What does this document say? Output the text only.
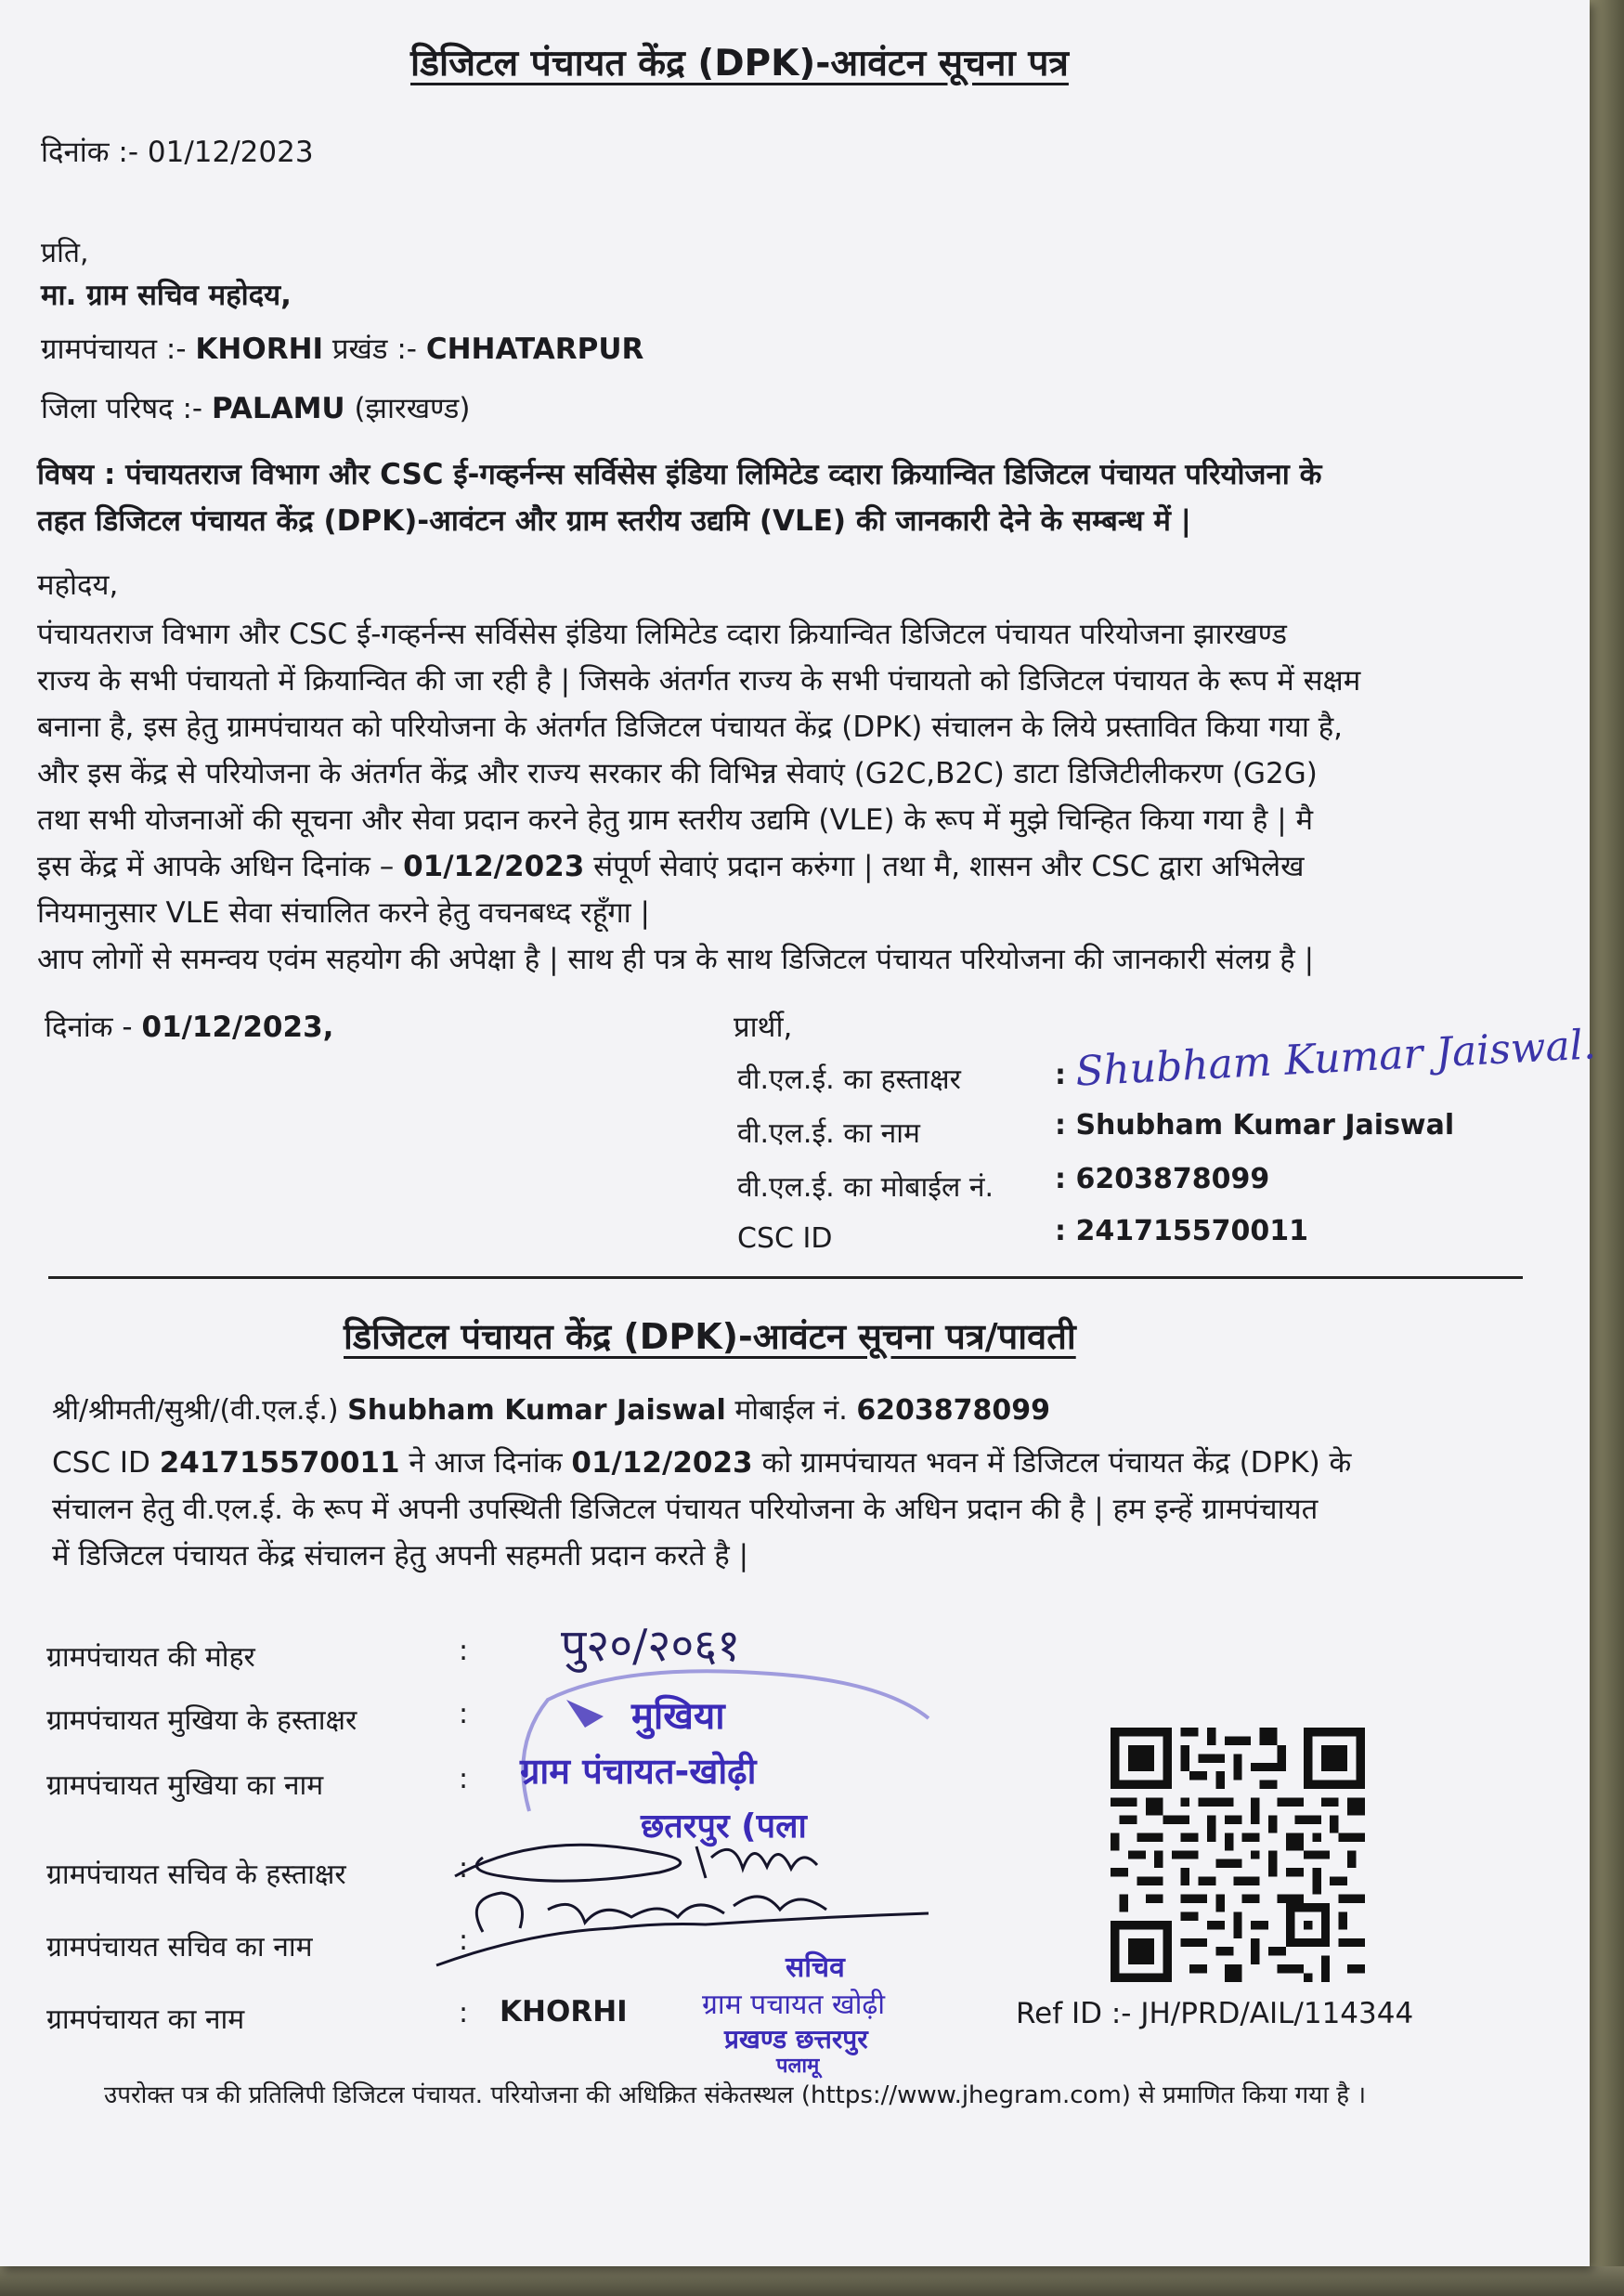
डिजिटल पंचायत केंद्र (DPK)-आवंटन सूचना पत्र
दिनांक :- 01/12/2023
प्रति,
मा. ग्राम सचिव महोदय,
ग्रामपंचायत :- KHORHI प्रखंड :- CHHATARPUR
जिला परिषद :- PALAMU (झारखण्ड)
विषय : पंचायतराज विभाग और CSC ई-गव्हर्नन्स सर्विसेस इंडिया लिमिटेड व्दारा क्रियान्वित डिजिटल पंचायत परियोजना के
तहत डिजिटल पंचायत केंद्र (DPK)-आवंटन और ग्राम स्तरीय उद्यमि (VLE) की जानकारी देने के सम्बन्ध में |
महोदय,
पंचायतराज विभाग और CSC ई-गव्हर्नन्स सर्विसेस इंडिया लिमिटेड व्दारा क्रियान्वित डिजिटल पंचायत परियोजना झारखण्ड
राज्य के सभी पंचायतो में क्रियान्वित की जा रही है | जिसके अंतर्गत राज्य के सभी पंचायतो को डिजिटल पंचायत के रूप में सक्षम
बनाना है, इस हेतु ग्रामपंचायत को परियोजना के अंतर्गत डिजिटल पंचायत केंद्र (DPK) संचालन के लिये प्रस्तावित किया गया है,
और इस केंद्र से परियोजना के अंतर्गत केंद्र और राज्य सरकार की विभिन्न सेवाएं (G2C,B2C) डाटा डिजिटीलीकरण (G2G)
तथा सभी योजनाओं की सूचना और सेवा प्रदान करने हेतु ग्राम स्तरीय उद्यमि (VLE) के रूप में मुझे चिन्हित किया गया है | मै
इस केंद्र में आपके अधिन दिनांक – 01/12/2023 संपूर्ण सेवाएं प्रदान करुंगा | तथा मै, शासन और CSC द्वारा अभिलेख
नियमानुसार VLE सेवा संचालित करने हेतु वचनबध्द रहूँगा |
आप लोगों से समन्वय एवंम सहयोग की अपेक्षा है | साथ ही पत्र के साथ डिजिटल पंचायत परियोजना की जानकारी संलग्र है |
दिनांक - 01/12/2023,	प्रार्थी,
वी.एल.ई. का हस्ताक्षर	: Shubham Kumar Jaiswal.
वी.एल.ई. का नाम	: Shubham Kumar Jaiswal
वी.एल.ई. का मोबाईल नं. : 6203878099
CSC ID	: 241715570011
डिजिटल पंचायत केंद्र (DPK)-आवंटन सूचना पत्र/पावती
श्री/श्रीमती/सुश्री/(वी.एल.ई.) Shubham Kumar Jaiswal मोबाईल नं. 6203878099
CSC ID 241715570011 ने आज दिनांक 01/12/2023 को ग्रामपंचायत भवन में डिजिटल पंचायत केंद्र (DPK) के
संचालन हेतु वी.एल.ई. के रूप में अपनी उपस्थिती डिजिटल पंचायत परियोजना के अधिन प्रदान की है | हम इन्हें ग्रामपंचायत
में डिजिटल पंचायत केंद्र संचालन हेतु अपनी सहमती प्रदान करते है |
ग्रामपंचायत की मोहर	:
ग्रामपंचायत मुखिया के हस्ताक्षर	:
ग्रामपंचायत मुखिया का नाम	:
ग्रामपंचायत सचिव के हस्ताक्षर	:
ग्रामपंचायत सचिव का नाम	:
ग्रामपंचायत का नाम	: KHORHI
पु२०/२०६१
मुखिया
ग्राम पंचायत-खोढ़ी
छतरपुर (पला
सचिव
ग्राम पचायत खोढ़ी
प्रखण्ड छत्तरपुर
पलामू
Ref ID :- JH/PRD/AIL/114344
उपरोक्त पत्र की प्रतिलिपी डिजिटल पंचायत. परियोजना की अधिक्रित संकेतस्थल (https://www.jhegram.com) से प्रमाणित किया गया है ।
